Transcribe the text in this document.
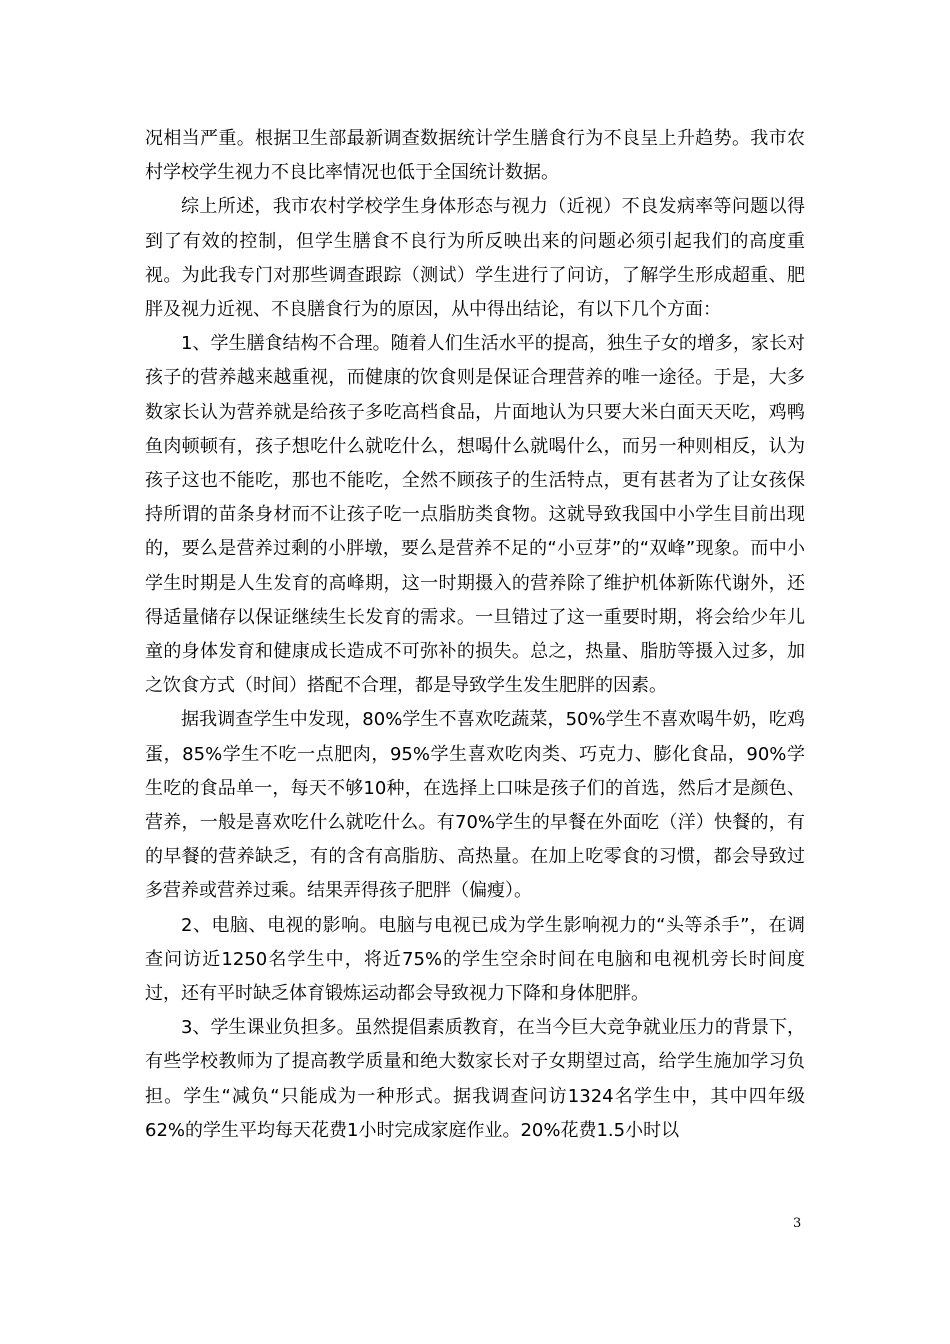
况相当严重。根据卫生部最新调查数据统计学生膳食行为不良呈上升趋势。我市农村学校学生视力不良比率情况也低于全国统计数据。

综上所述，我市农村学校学生身体形态与视力（近视）不良发病率等问题以得到了有效的控制，但学生膳食不良行为所反映出来的问题必须引起我们的高度重视。为此我专门对那些调查跟踪（测试）学生进行了问访，了解学生形成超重、肥胖及视力近视、不良膳食行为的原因，从中得出结论，有以下几个方面：

1、学生膳食结构不合理。随着人们生活水平的提高，独生子女的增多，家长对孩子的营养越来越重视，而健康的饮食则是保证合理营养的唯一途径。于是，大多数家长认为营养就是给孩子多吃高档食品，片面地认为只要大米白面天天吃，鸡鸭鱼肉顿顿有，孩子想吃什么就吃什么，想喝什么就喝什么，而另一种则相反，认为孩子这也不能吃，那也不能吃，全然不顾孩子的生活特点，更有甚者为了让女孩保持所谓的苗条身材而不让孩子吃一点脂肪类食物。这就导致我国中小学生目前出现的，要么是营养过剩的小胖墩，要么是营养不足的“小豆芽”的“双峰”现象。而中小学生时期是人生发育的高峰期，这一时期摄入的营养除了维护机体新陈代谢外，还得适量储存以保证继续生长发育的需求。一旦错过了这一重要时期，将会给少年儿童的身体发育和健康成长造成不可弥补的损失。总之，热量、脂肪等摄入过多，加之饮食方式（时间）搭配不合理，都是导致学生发生肥胖的因素。

据我调查学生中发现，80%学生不喜欢吃蔬菜，50%学生不喜欢喝牛奶，吃鸡蛋，85%学生不吃一点肥肉，95%学生喜欢吃肉类、巧克力、膨化食品，90%学生吃的食品单一，每天不够10种，在选择上口味是孩子们的首选，然后才是颜色、营养，一般是喜欢吃什么就吃什么。有70%学生的早餐在外面吃（洋）快餐的，有的早餐的营养缺乏，有的含有高脂肪、高热量。在加上吃零食的习惯，都会导致过多营养或营养过乘。结果弄得孩子肥胖（偏瘦）。

2、电脑、电视的影响。电脑与电视已成为学生影响视力的“头等杀手”，在调查问访近1250名学生中，将近75%的学生空余时间在电脑和电视机旁长时间度过，还有平时缺乏体育锻炼运动都会导致视力下降和身体肥胖。

3、学生课业负担多。虽然提倡素质教育，在当今巨大竞争就业压力的背景下，有些学校教师为了提高教学质量和绝大数家长对子女期望过高，给学生施加学习负担。学生“减负“只能成为一种形式。据我调查问访1324名学生中，其中四年级62%的学生平均每天花费1小时完成家庭作业。20%花费1.5小时以

3
